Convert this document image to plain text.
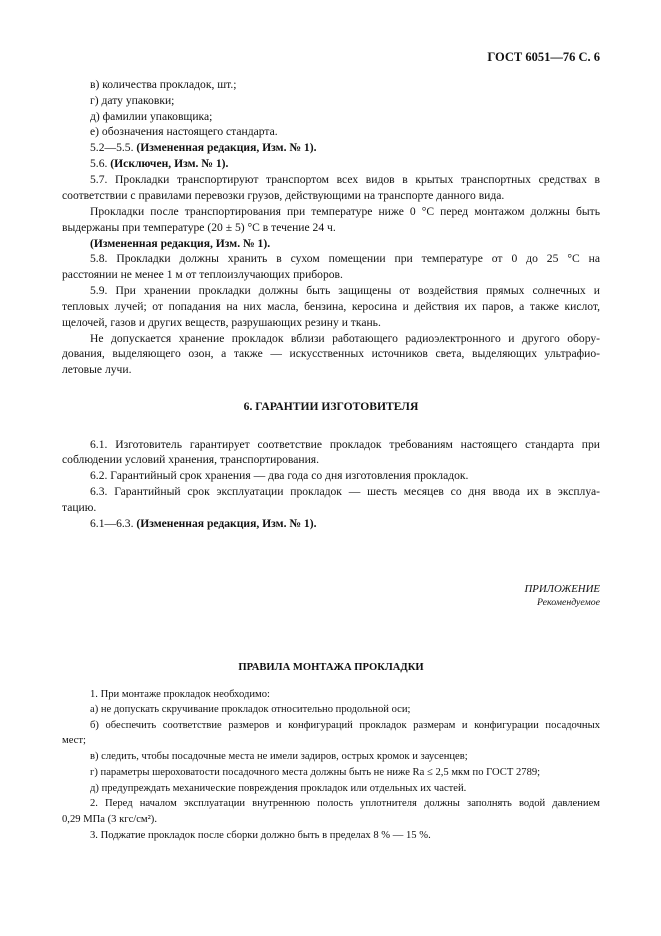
ГОСТ 6051—76 С. 6
ПРИЛОЖЕНИЕ
Рекомендуемое
в) количества прокладок, шт.;
г) дату упаковки;
д) фамилии упаковщика;
е) обозначения настоящего стандарта.
5.2—5.5. (Измененная редакция, Изм. № 1).
5.6. (Исключен, Изм. № 1).
5.7. Прокладки транспортируют транспортом всех видов в крытых транспортных средствах в
соответствии с правилами перевозки грузов, действующими на транспорте данного вида.
Прокладки после транспортирования при температуре ниже 0 °С перед монтажом должны быть
выдержаны при температуре (20 ± 5) °С в течение 24 ч.
(Измененная редакция, Изм. № 1).
5.8. Прокладки должны хранить в сухом помещении при температуре от 0 до 25 °С на
расстоянии не менее 1 м от теплоизлучающих приборов.
5.9. При хранении прокладки должны быть защищены от воздействия прямых солнечных и
тепловых лучей; от попадания на них масла, бензина, керосина и действия их паров, а также кислот,
щелочей, газов и других веществ, разрушающих резину и ткань.
Не допускается хранение прокладок вблизи работающего радиоэлектронного и другого обору-
дования, выделяющего озон, а также — искусственных источников света, выделяющих ультрафио-
летовые лучи.
6. ГАРАНТИИ ИЗГОТОВИТЕЛЯ
6.1. Изготовитель гарантирует соответствие прокладок требованиям настоящего стандарта при
соблюдении условий хранения, транспортирования.
6.2. Гарантийный срок хранения — два года со дня изготовления прокладок.
6.3. Гарантийный срок эксплуатации прокладок — шесть месяцев со дня ввода их в эксплуа-
тацию.
6.1—6.3. (Измененная редакция, Изм. № 1).
ПРАВИЛА МОНТАЖА ПРОКЛАДКИ
1. При монтаже прокладок необходимо:
а) не допускать скручивание прокладок относительно продольной оси;
б) обеспечить соответствие размеров и конфигураций прокладок размерам и конфигурации посадочных
мест;
в) следить, чтобы посадочные места не имели задиров, острых кромок и заусенцев;
г) параметры шероховатости посадочного места должны быть не ниже Ra ≤ 2,5 мкм по ГОСТ 2789;
д) предупреждать механические повреждения прокладок или отдельных их частей.
2. Перед началом эксплуатации внутреннюю полость уплотнителя должны заполнять водой давлением
0,29 МПа (3 кгс/см²).
3. Поджатие прокладок после сборки должно быть в пределах 8 % — 15 %.
